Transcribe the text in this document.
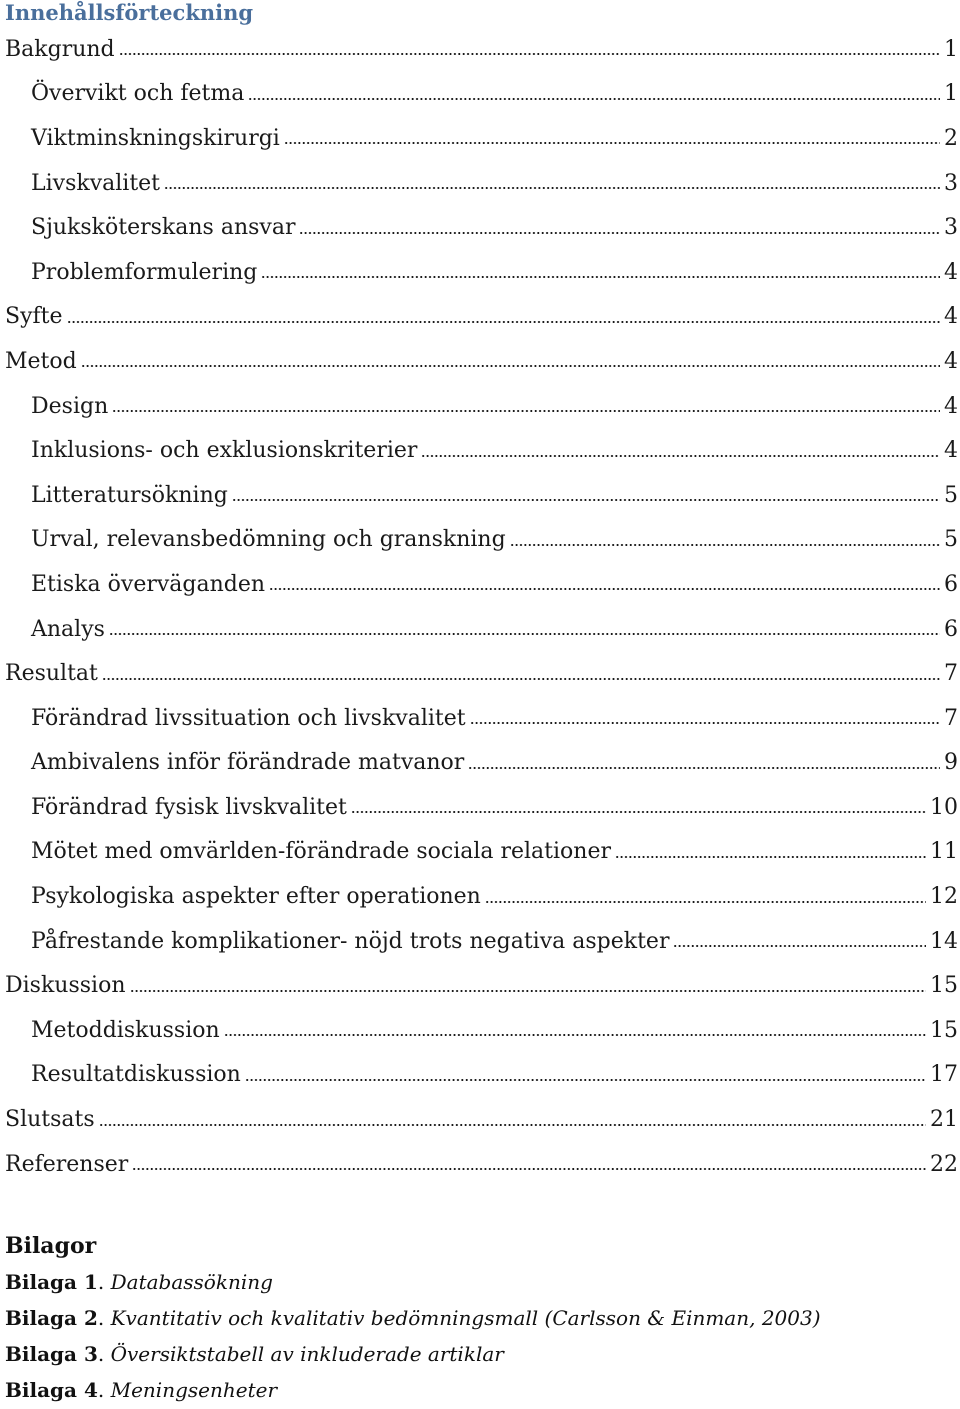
Innehållsförteckning
Bakgrund	1
Övervikt och fetma	1
Viktminskningskirurgi	2
Livskvalitet	3
Sjuksköterskans ansvar	3
Problemformulering	4
Syfte	4
Metod	4
Design	4
Inklusions- och exklusionskriterier	4
Litteratursökning	5
Urval, relevansbedömning och granskning	5
Etiska överväganden	6
Analys	6
Resultat	7
Förändrad livssituation och livskvalitet	7
Ambivalens inför förändrade matvanor	9
Förändrad fysisk livskvalitet	10
Mötet med omvärlden-förändrade sociala relationer	11
Psykologiska aspekter efter operationen	12
Påfrestande komplikationer- nöjd trots negativa aspekter	14
Diskussion	15
Metoddiskussion	15
Resultatdiskussion	17
Slutsats	21
Referenser	22
Bilagor
Bilaga 1. Databassökning
Bilaga 2. Kvantitativ och kvalitativ bedömningsmall (Carlsson & Einman, 2003)
Bilaga 3. Översiktstabell av inkluderade artiklar
Bilaga 4. Meningsenheter
